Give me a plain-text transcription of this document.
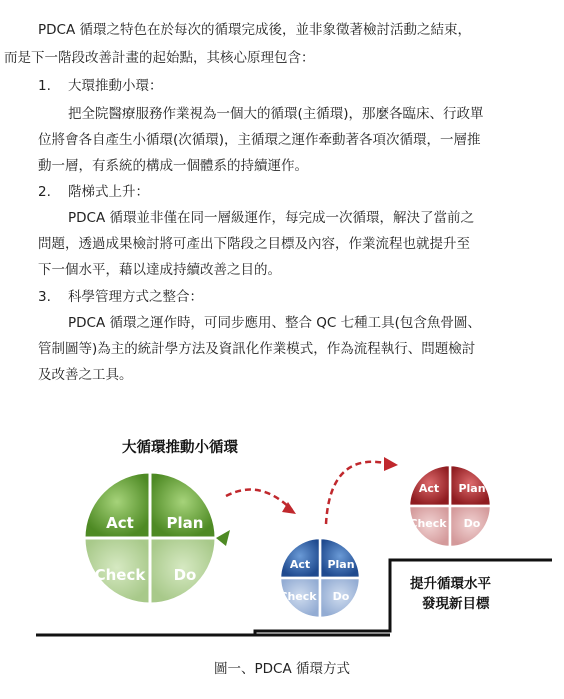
PDCA 循環之特色在於每次的循環完成後，並非象徵著檢討活動之結束，
而是下一階段改善計畫的起始點，其核心原理包含：
1. 大環推動小環：
把全院醫療服務作業視為一個大的循環(主循環)，那麼各臨床、行政單
位將會各自產生小循環(次循環)，主循環之運作牽動著各項次循環，一層推
動一層，有系統的構成一個體系的持續運作。
2. 階梯式上升：
PDCA 循環並非僅在同一層級運作，每完成一次循環，解決了當前之
問題，透過成果檢討將可產出下階段之目標及內容，作業流程也就提升至
下一個水平，藉以達成持續改善之目的。
3. 科學管理方式之整合：
PDCA 循環之運作時，可同步應用、整合 QC 七種工具(包含魚骨圖、
管制圖等)為主的統計學方法及資訊化作業模式，作為流程執行、問題檢討
及改善之工具。
大循環推動小循環
Act Plan
Check Do
Act Plan
Check Do
Act Plan
Check Do
提升循環水平
發現新目標
圖一、PDCA 循環方式
